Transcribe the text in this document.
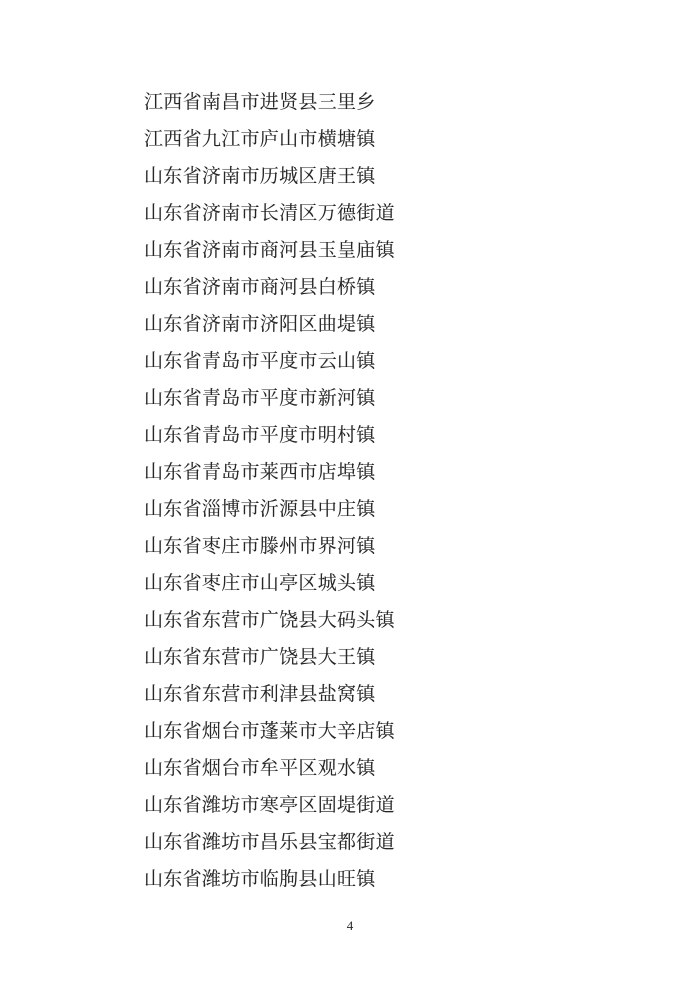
江西省南昌市进贤县三里乡
江西省九江市庐山市横塘镇
山东省济南市历城区唐王镇
山东省济南市长清区万德街道
山东省济南市商河县玉皇庙镇
山东省济南市商河县白桥镇
山东省济南市济阳区曲堤镇
山东省青岛市平度市云山镇
山东省青岛市平度市新河镇
山东省青岛市平度市明村镇
山东省青岛市莱西市店埠镇
山东省淄博市沂源县中庄镇
山东省枣庄市滕州市界河镇
山东省枣庄市山亭区城头镇
山东省东营市广饶县大码头镇
山东省东营市广饶县大王镇
山东省东营市利津县盐窝镇
山东省烟台市蓬莱市大辛店镇
山东省烟台市牟平区观水镇
山东省潍坊市寒亭区固堤街道
山东省潍坊市昌乐县宝都街道
山东省潍坊市临朐县山旺镇
4
